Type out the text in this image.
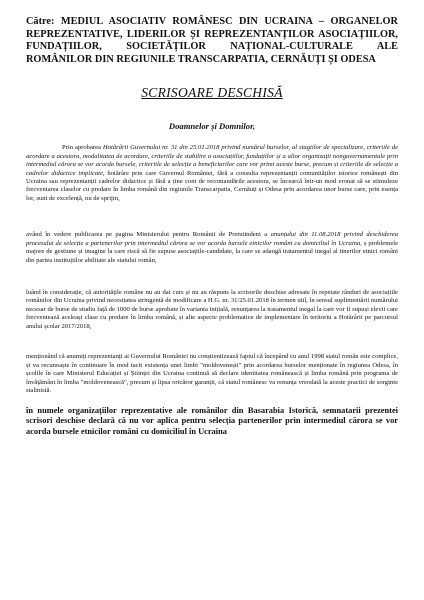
Către: MEDIUL ASOCIATIV ROMÂNESC DIN UCRAINA – ORGANELOR REPREZENTATIVE, LIDERILOR ȘI REPREZENTANȚILOR ASOCIAȚIILOR, FUNDAȚIILOR, SOCIETĂȚILOR NAȚIONAL-CULTURALE ALE ROMÂNILOR DIN REGIUNILE TRANSCARPATIA, CERNĂUȚI ȘI ODESA

SCRISOARE DESCHISĂ

Doamnelor și Domnilor,

Prin aprobarea Hotărârii Guvernului nr. 31 din 25.01.2018 privind numărul burselor, al stagiilor de specializare, criteriile de acordare a acestora, modalitatea de acordare, criteriile de stabilire a asociațiilor, fundațiilor și a altor organizații nonguvernamentale prin intermediul cărora se vor acorda bursele, criteriile de selecție a beneficiarilor care vor primi aceste burse, precum și criteriile de selecție a cadrelor didactice implicate, hotărâre prin care Guvernul României, fără a consulta reprezentanții comunităților istorice românești din Ucraina sau reprezentanții cadrelor didactice și fără a ține cont de recomandările acestora, se încearcă într-un mod eronat să se stimuleze frecventarea claselor cu predare în limba română din regiunile Transcarpatia, Cernăuți și Odesa prin acordarea unor burse care, prin esența lor, sunt de excelență, nu de sprijin,

având în vedere publicarea pe pagina Ministerului pentru Românii de Pretutindeni a anunțului din 11.08.2018 privind deschiderea procesului de selecție a partenerilor prin intermediul cărora se vor acorda bursele etnicilor români cu domiciliul în Ucraina, ș problemele majore de gestiune și imagine la care riscă să fie supuse asociațiile-candidate, la care se adaugă tratamentul inegal al tinerilor etnici români din partea instituțiilor abilitate ale statului român,

luând în considerație, că autoritățile române nu au dat curs și nu au răspuns la scrisorile deschise adresate în repetate rânduri de asociațiile românilor din Ucraina privind necesitatea stringentă de modificare a H.G. nr. 31/25.01.2018 în termen util, în sensul suplimentării numărului necesar de burse de studiu față de 1000 de burse aprobate în varianta inițială, renunțarea la tratamentul inegal la care vor fi supuși elevii care frecventează aceleași clase cu predare în limba română, și alte aspecte problematice de implementare în teritoriu a Hotărârii pe parcursul anului școlar 2017/2018,

menționând că anumiți reprezentanți ai Guvernului României nu conștientizează faptul că începând cu anul 1998 statul român este complice, și va recunoaște în continuare în mod tacit existența unei limbi "moldovenești" prin acordarea burselor menționate în regiunea Odesa, în școlile în care Ministerul Educației și Științei din Ucraina continuă să declare identitatea românească și limba română prin programa de învățământ în limba "moldovenească", precum și lipsa oricăror garanții, că statul românesc va renunța vreodată la aceste practici de sorginte stalinistă.

în numele organizațiilor reprezentative ale românilor din Basarabia Istorică, semnatarii prezentei scrisori deschise declară că nu vor aplica pentru selecția partenerilor prin intermediul cărora se vor acorda bursele etnicilor români cu domiciliul în Ucraina
